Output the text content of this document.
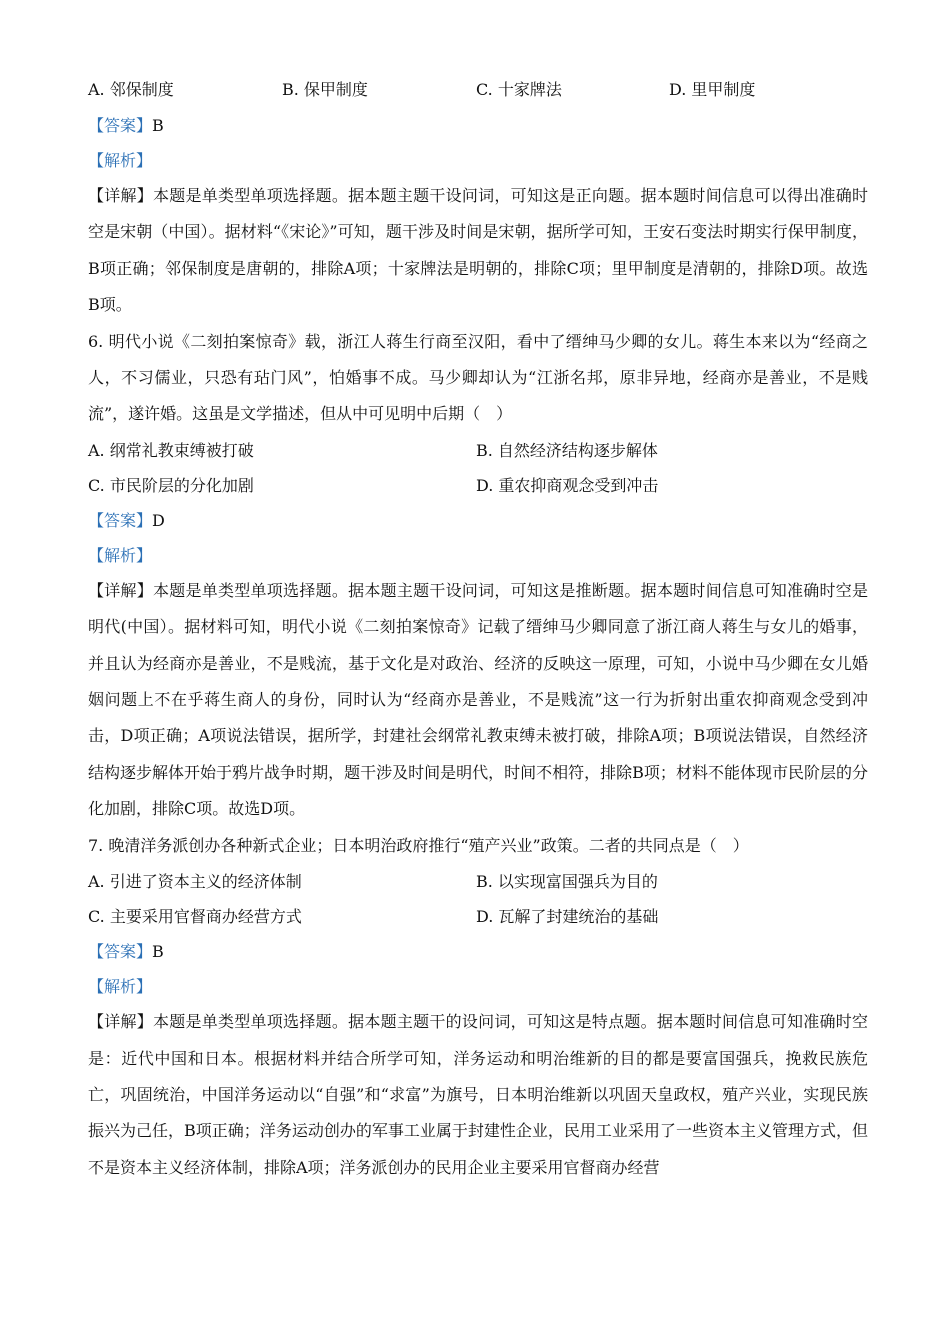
A. 邻保制度	B. 保甲制度	C. 十家牌法	D. 里甲制度
【答案】B
【解析】

【详解】本题是单类型单项选择题。据本题主题干设问词，可知这是正向题。据本题时间信息可以得出准确时空是宋朝（中国）。据材料“《宋论》”可知，题干涉及时间是宋朝，据所学可知，王安石变法时期实行保甲制度，B项正确；邻保制度是唐朝的，排除A项；十家牌法是明朝的，排除C项；里甲制度是清朝的，排除D项。故选B项。

6. 明代小说《二刻拍案惊奇》载，浙江人蒋生行商至汉阳，看中了缙绅马少卿的女儿。蒋生本来以为“经商之人，不习儒业，只恐有玷门风”，怕婚事不成。马少卿却认为“江浙名邦，原非异地，经商亦是善业，不是贱流”，遂许婚。这虽是文学描述，但从中可见明中后期（　）

A. 纲常礼教束缚被打破	B. 自然经济结构逐步解体
C. 市民阶层的分化加剧	D. 重农抑商观念受到冲击
【答案】D
【解析】

【详解】本题是单类型单项选择题。据本题主题干设问词，可知这是推断题。据本题时间信息可知准确时空是明代(中国）。据材料可知，明代小说《二刻拍案惊奇》记载了缙绅马少卿同意了浙江商人蒋生与女儿的婚事，并且认为经商亦是善业，不是贱流，基于文化是对政治、经济的反映这一原理，可知，小说中马少卿在女儿婚姻问题上不在乎蒋生商人的身份，同时认为“经商亦是善业，不是贱流”这一行为折射出重农抑商观念受到冲击，D项正确；A项说法错误，据所学，封建社会纲常礼教束缚未被打破，排除A项；B项说法错误，自然经济结构逐步解体开始于鸦片战争时期，题干涉及时间是明代，时间不相符，排除B项；材料不能体现市民阶层的分化加剧，排除C项。故选D项。

7. 晚清洋务派创办各种新式企业；日本明治政府推行“殖产兴业”政策。二者的共同点是（　）

A. 引进了资本主义的经济体制	B. 以实现富国强兵为目的
C. 主要采用官督商办经营方式	D. 瓦解了封建统治的基础
【答案】B
【解析】

【详解】本题是单类型单项选择题。据本题主题干的设问词，可知这是特点题。据本题时间信息可知准确时空是：近代中国和日本。根据材料并结合所学可知，洋务运动和明治维新的目的都是要富国强兵，挽救民族危亡，巩固统治，中国洋务运动以“自强”和“求富”为旗号，日本明治维新以巩固天皇政权，殖产兴业，实现民族振兴为己任，B项正确；洋务运动创办的军事工业属于封建性企业，民用工业采用了一些资本主义管理方式，但不是资本主义经济体制，排除A项；洋务派创办的民用企业主要采用官督商办经营
